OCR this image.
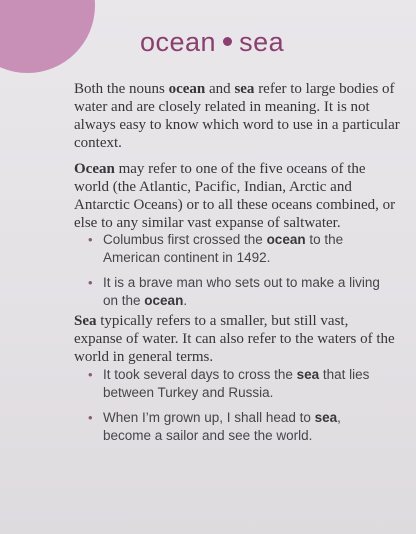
ocean sea

Both the nouns ocean and sea refer to large bodies of water and are closely related in meaning. It is not always easy to know which word to use in a particular context.

Ocean may refer to one of the five oceans of the world (the Atlantic, Pacific, Indian, Arctic and Antarctic Oceans) or to all these oceans combined, or else to any similar vast expanse of saltwater.

• Columbus first crossed the ocean to the American continent in 1492.
• It is a brave man who sets out to make a living on the ocean.

Sea typically refers to a smaller, but still vast, expanse of water. It can also refer to the waters of the world in general terms.

• It took several days to cross the sea that lies between Turkey and Russia.
• When I’m grown up, I shall head to sea, become a sailor and see the world.
